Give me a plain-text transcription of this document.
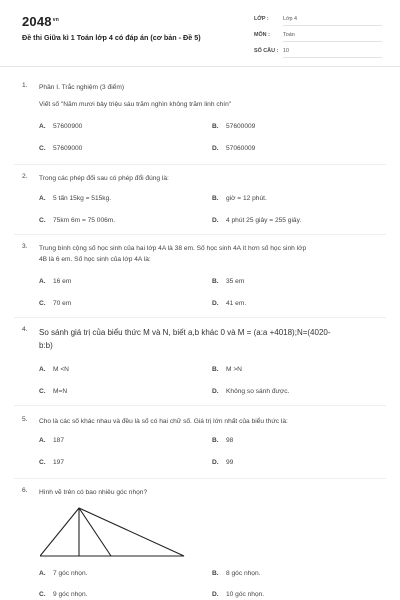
$2048^{vn}$
Đề thi Giữa kì 1 Toán lớp 4 có đáp án (cơ bản - Đề 5)
LỚP :	Lớp 4
MÔN : Toán
SỐ CÂU : 10
1. Phần I. Trắc nghiệm (3 điểm)
Viết số "Năm mươi bảy triệu sáu trăm nghìn không trăm linh chín"
A. 57600900	B. 57600009
C. 57609000	D. 57060009
2. Trong các phép đổi sau có phép đổi đúng là:
A. 5 tấn 15kg = 515kg.	B. giờ = 12 phút.
C. 75km 6m = 75 006m.	D. 4 phút 25 giây = 255 giây.
3. Trung bình cộng số học sinh của hai lớp 4A là 38 em. Số học sinh 4A ít hơn số học sinh lớp
4B là 6 em. Số học sinh của lớp 4A là:
A. 16 em	B. 35 em
C. 70 em	D. 41 em.
4. So sánh giá trị của biểu thức M và N, biết a,b khác 0 và M = (a:a +4018);N=(4020-
b:b)
A. M <N	B. M >N
C. M=N	D. Không so sánh được.
5. Cho là các số khác nhau và đều là số có hai chữ số. Giá trị lớn nhất của biểu thức là:
A. 187	B. 98
C. 197	D. 99
6. Hình vẽ trên có bao nhiêu góc nhọn?
A. 7 góc nhọn.	B. 8 góc nhọn.
C. 9 góc nhọn.	D. 10 góc nhọn.
